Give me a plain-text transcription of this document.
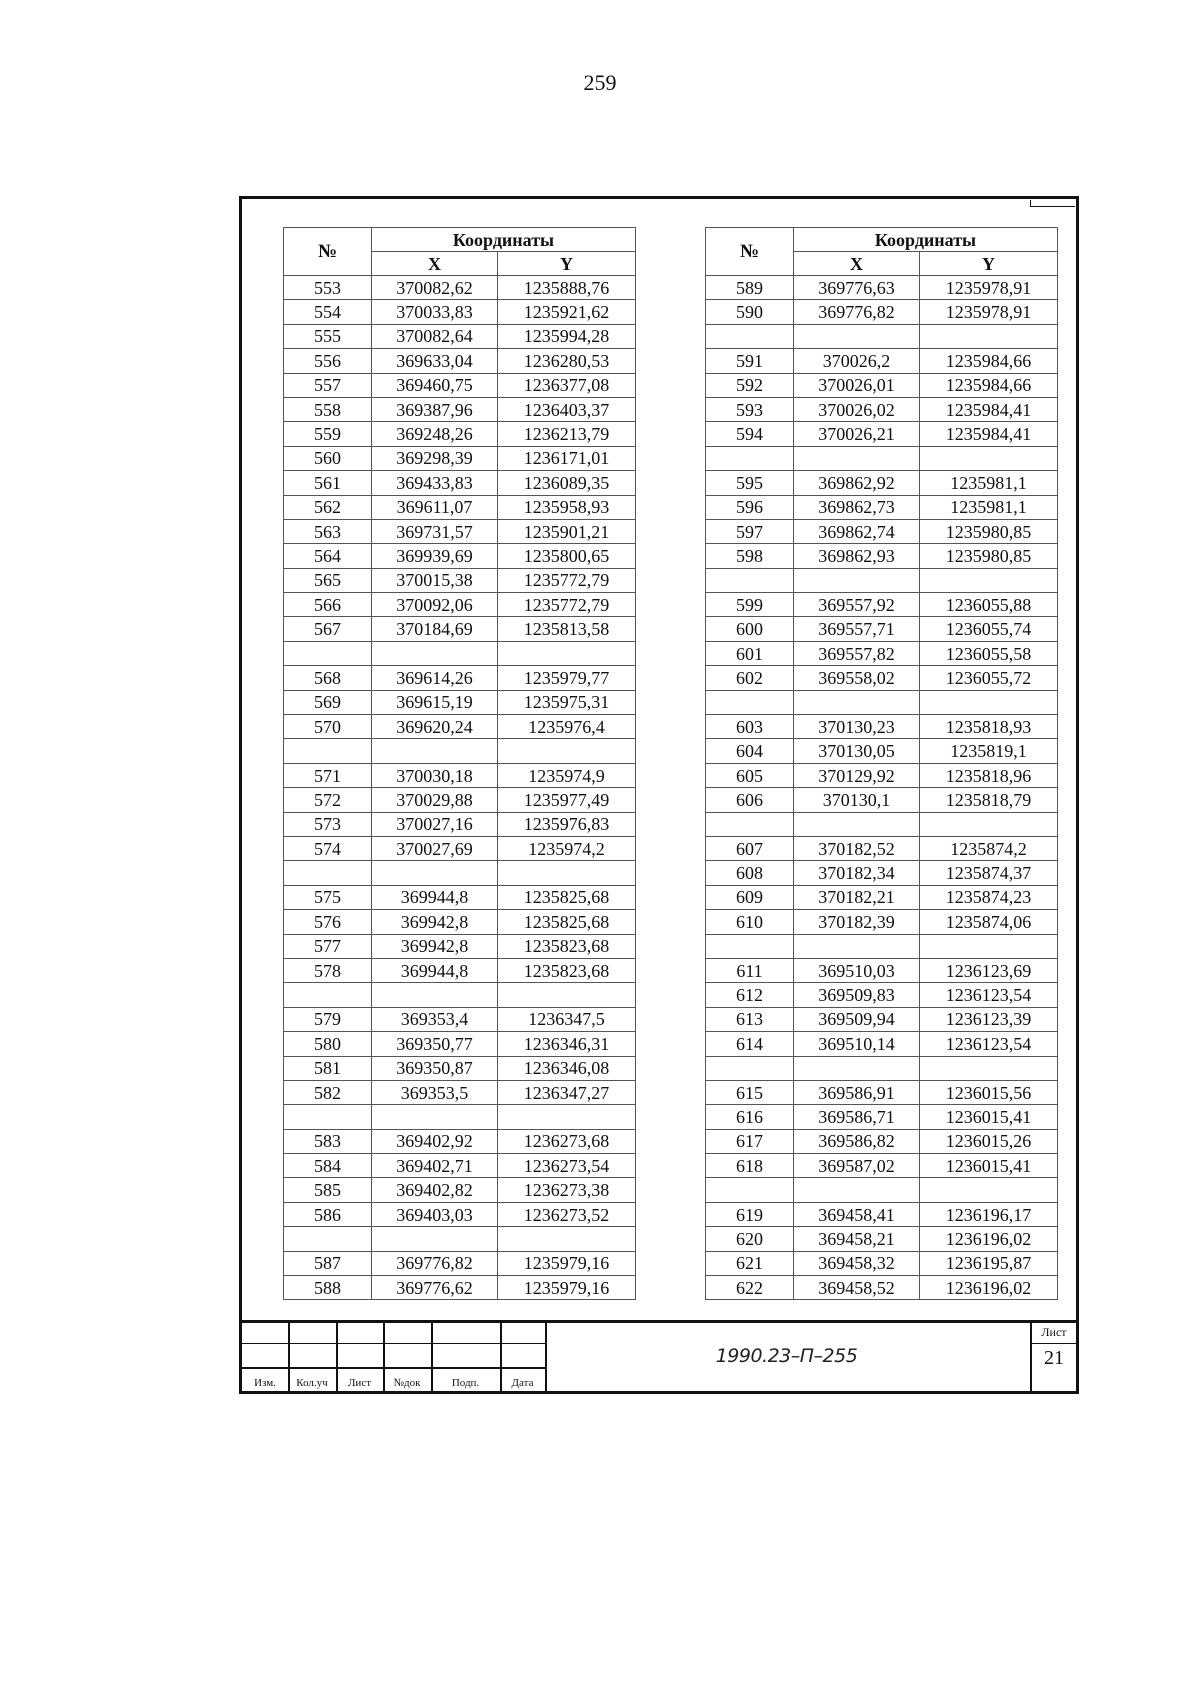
259
№	Координаты	
	X	Y
553	370082,62	1235888,76
554	370033,83	1235921,62
555	370082,64	1235994,28
556	369633,04	1236280,53
557	369460,75	1236377,08
558	369387,96	1236403,37
559	369248,26	1236213,79
560	369298,39	1236171,01
561	369433,83	1236089,35
562	369611,07	1235958,93
563	369731,57	1235901,21
564	369939,69	1235800,65
565	370015,38	1235772,79
566	370092,06	1235772,79
567	370184,69	1235813,58

568	369614,26	1235979,77
569	369615,19	1235975,31
570	369620,24	1235976,4

571	370030,18	1235974,9
572	370029,88	1235977,49
573	370027,16	1235976,83
574	370027,69	1235974,2

575	369944,8	1235825,68
576	369942,8	1235825,68
577	369942,8	1235823,68
578	369944,8	1235823,68

579	369353,4	1236347,5
580	369350,77	1236346,31
581	369350,87	1236346,08
582	369353,5	1236347,27

583	369402,92	1236273,68
584	369402,71	1236273,54
585	369402,82	1236273,38
586	369403,03	1236273,52

587	369776,82	1235979,16
588	369776,62	1235979,16
№	Координаты	
	X	Y
589	369776,63	1235978,91
590	369776,82	1235978,91

591	370026,2	1235984,66
592	370026,01	1235984,66
593	370026,02	1235984,41
594	370026,21	1235984,41

595	369862,92	1235981,1
596	369862,73	1235981,1
597	369862,74	1235980,85
598	369862,93	1235980,85

599	369557,92	1236055,88
600	369557,71	1236055,74
601	369557,82	1236055,58
602	369558,02	1236055,72

603	370130,23	1235818,93
604	370130,05	1235819,1
605	370129,92	1235818,96
606	370130,1	1235818,79

607	370182,52	1235874,2
608	370182,34	1235874,37
609	370182,21	1235874,23
610	370182,39	1235874,06

611	369510,03	1236123,69
612	369509,83	1236123,54
613	369509,94	1236123,39
614	369510,14	1236123,54

615	369586,91	1236015,56
616	369586,71	1236015,41
617	369586,82	1236015,26
618	369587,02	1236015,41

619	369458,41	1236196,17
620	369458,21	1236196,02
621	369458,32	1236195,87
622	369458,52	1236196,02
Изм.	Кол.уч	Лист	№док	Подп.	Дата
1990.23–П–255
Лист
21
